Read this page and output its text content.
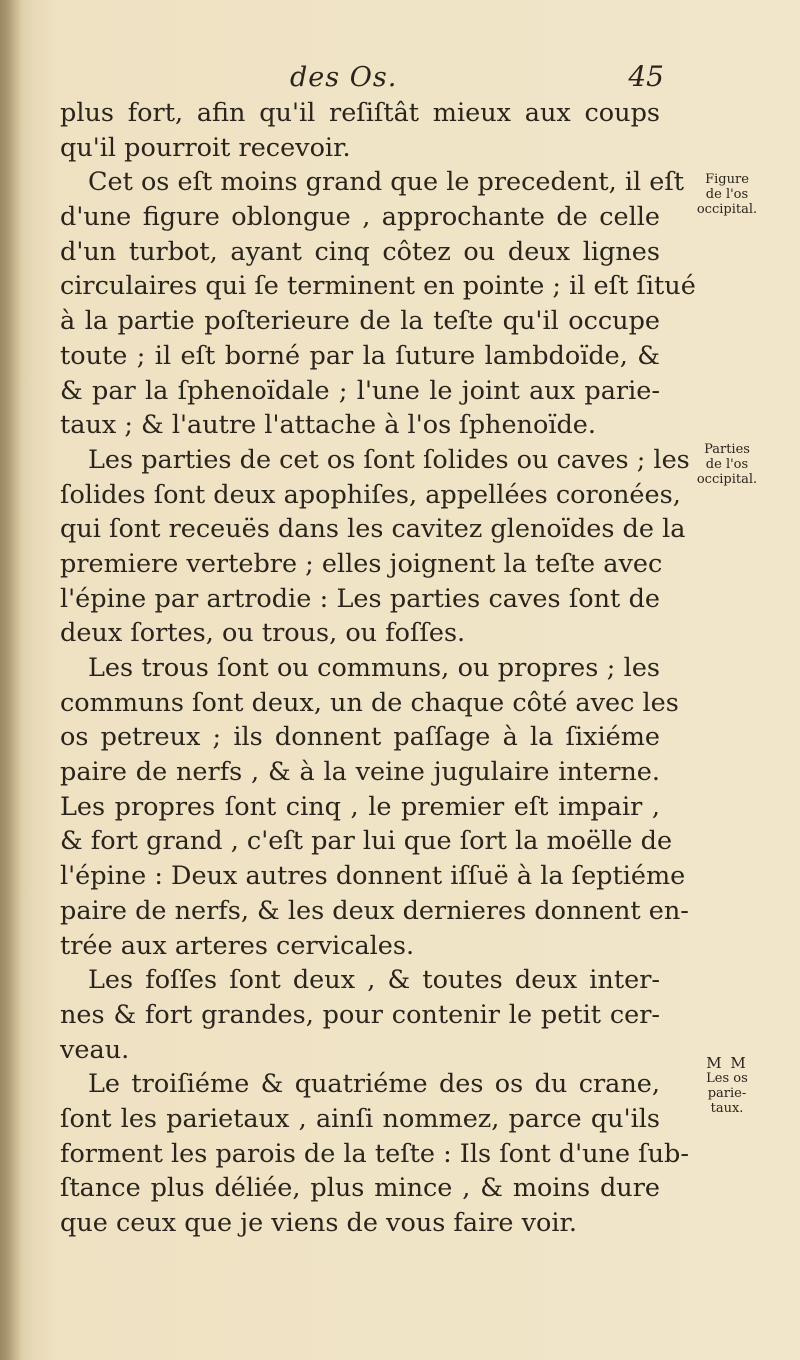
des Os.	45
plus fort, afin qu'il reſiſtât mieux aux coups
qu'il pourroit recevoir.
Cet os eſt moins grand que le precedent, il eſt
d'une figure oblongue , approchante de celle
d'un turbot, ayant cinq côtez ou deux lignes
circulaires qui ſe terminent en pointe ; il eſt ſitué
à la partie poſterieure de la teſte qu'il occupe
toute ; il eſt borné par la ſuture lambdoïde, &
& par la ſphenoïdale ; l'une le joint aux parie-
taux ; & l'autre l'attache à l'os ſphenoïde.
Les parties de cet os ſont ſolides ou caves ; les
ſolides ſont deux apophiſes, appellées coronées,
qui ſont receuës dans les cavitez glenoïdes de la
premiere vertebre ; elles joignent la teſte avec
l'épine par artrodie : Les parties caves ſont de
deux ſortes, ou trous, ou foſſes.
Les trous ſont ou communs, ou propres ; les
communs ſont deux, un de chaque côté avec les
os petreux ; ils donnent paſſage à la ſixiéme
paire de nerfs , & à la veine jugulaire interne.
Les propres ſont cinq , le premier eſt impair ,
& fort grand , c'eſt par lui que ſort la moëlle de
l'épine : Deux autres donnent iſſuë à la ſeptiéme
paire de nerfs, & les deux dernieres donnent en-
trée aux arteres cervicales.
Les foſſes ſont deux , & toutes deux inter-
nes & fort grandes, pour contenir le petit cer-
veau.
Le troiſiéme & quatriéme des os du crane,
ſont les parietaux , ainſi nommez, parce qu'ils
forment les parois de la teſte : Ils ſont d'une ſub-
ſtance plus déliée, plus mince , & moins dure
que ceux que je viens de vous faire voir.
Figure
de l'os
occipital.
Parties
de l'os
occipital.
M M
Les os
parie-
taux.
